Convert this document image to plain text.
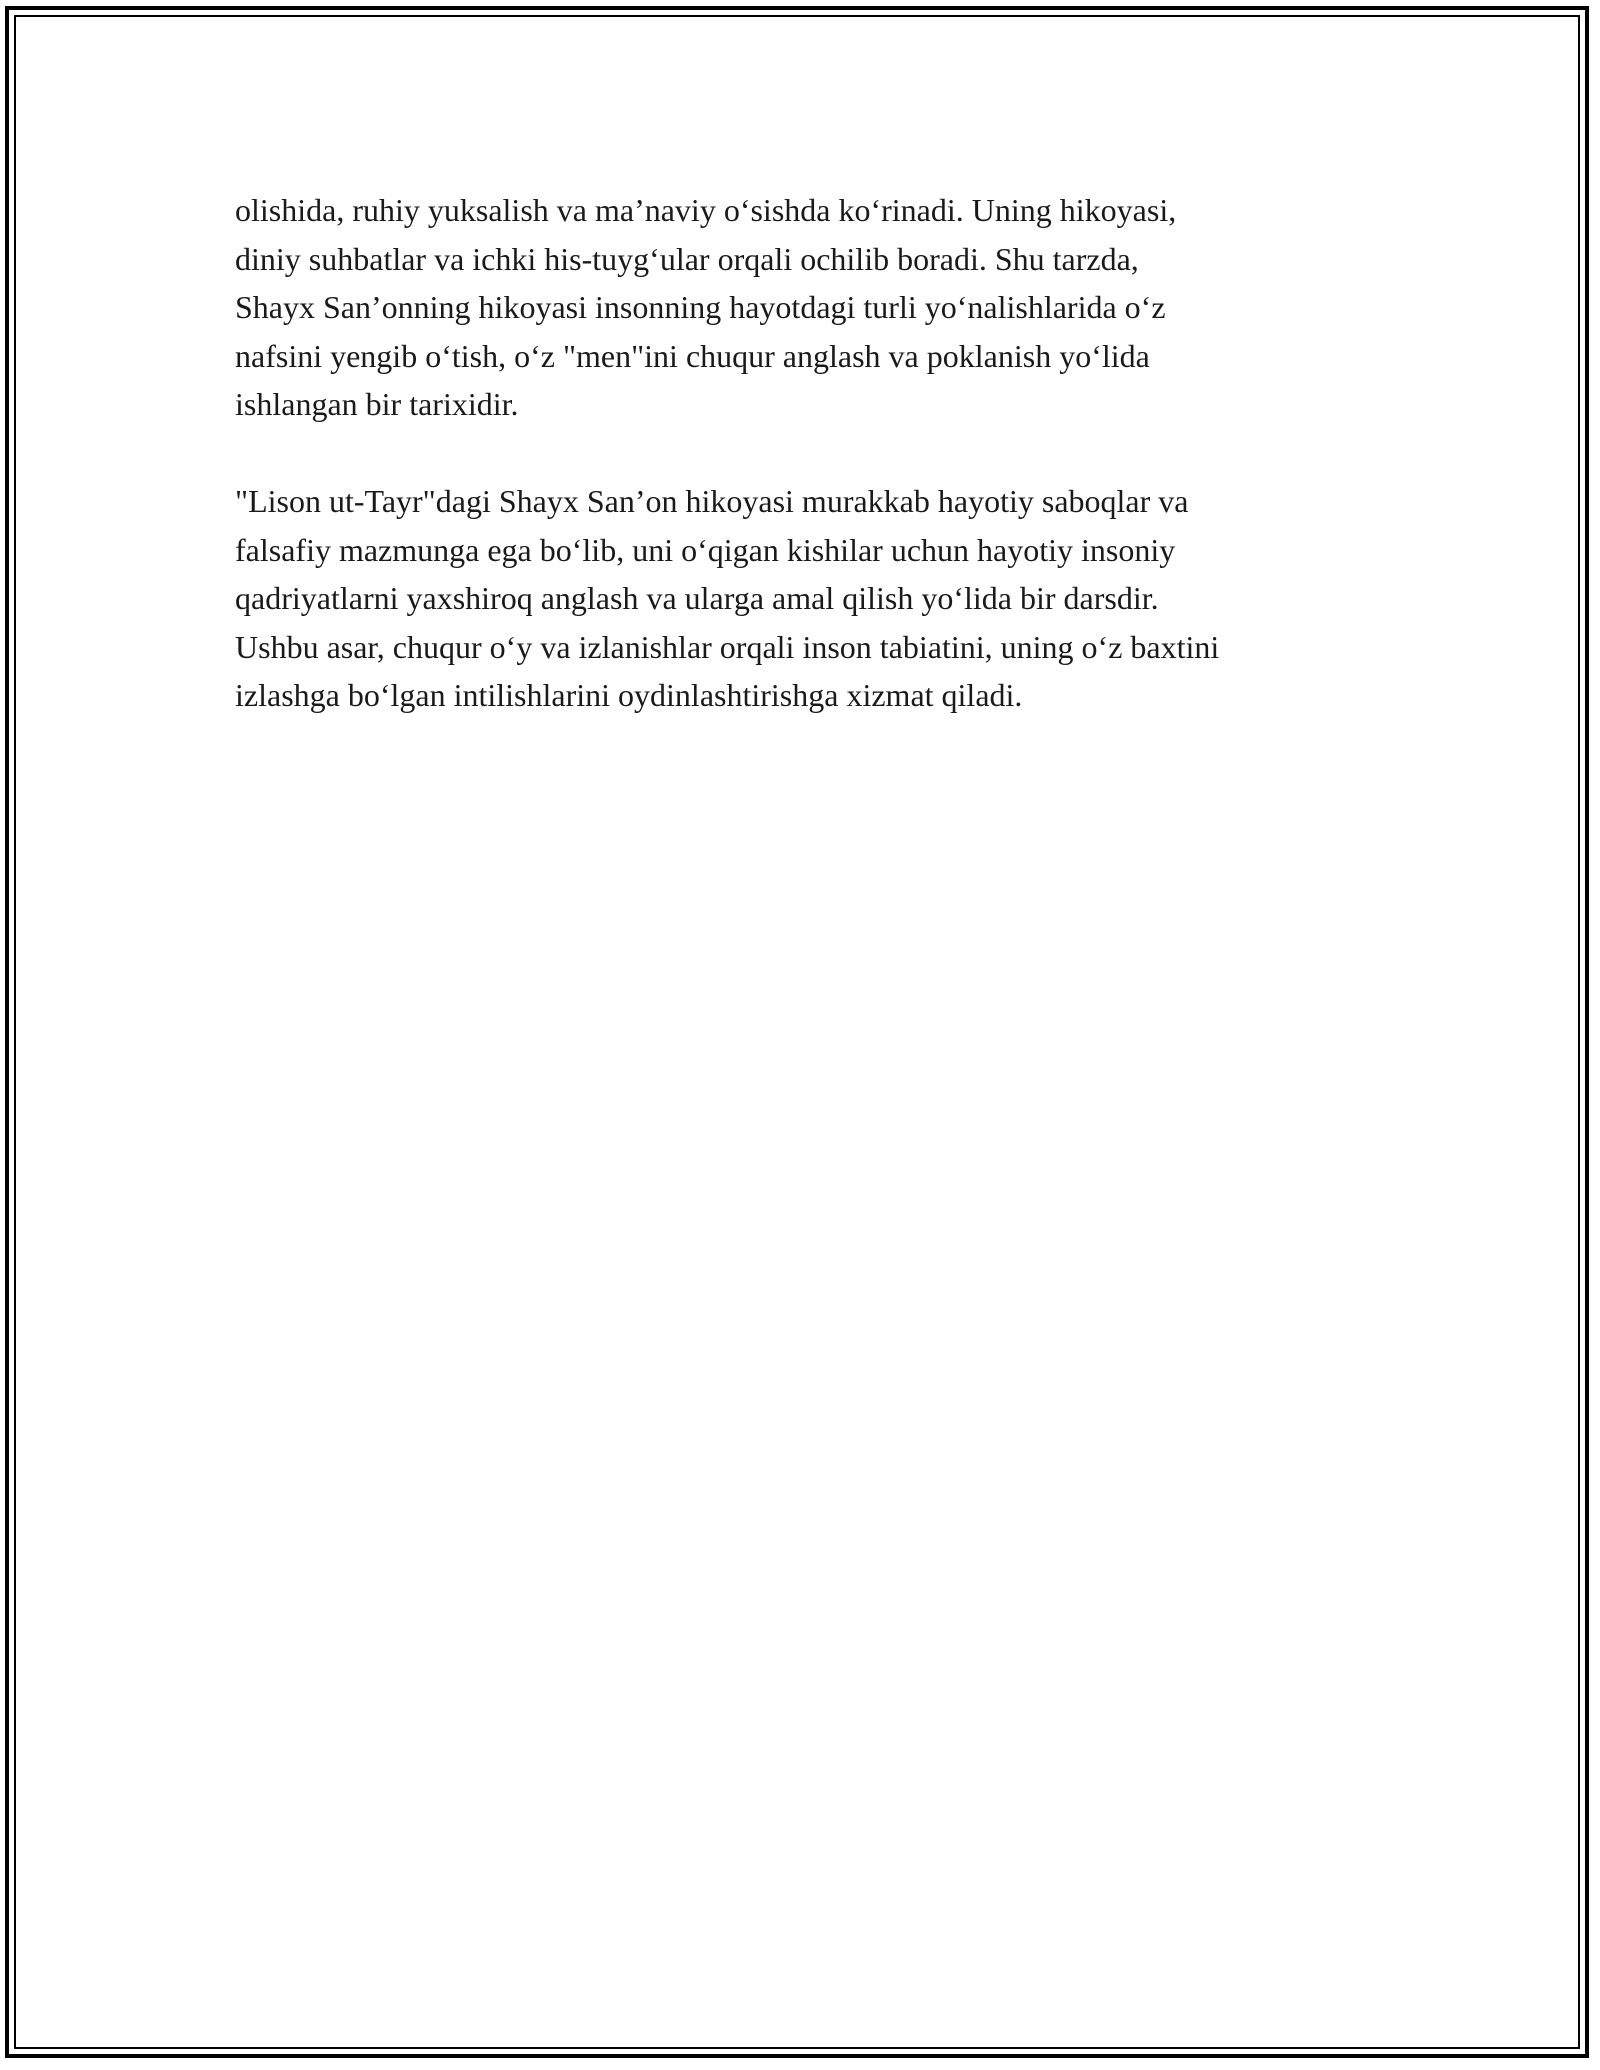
olishida, ruhiy yuksalish va ma’naviy o‘sishda ko‘rinadi. Uning hikoyasi,
diniy suhbatlar va ichki his-tuyg‘ular orqali ochilib boradi. Shu tarzda,
Shayx San’onning hikoyasi insonning hayotdagi turli yo‘nalishlarida o‘z
nafsini yengib o‘tish, o‘z "men"ini chuqur anglash va poklanish yo‘lida
ishlangan bir tarixidir.

"Lison ut-Tayr"dagi Shayx San’on hikoyasi murakkab hayotiy saboqlar va
falsafiy mazmunga ega bo‘lib, uni o‘qigan kishilar uchun hayotiy insoniy
qadriyatlarni yaxshiroq anglash va ularga amal qilish yo‘lida bir darsdir.
Ushbu asar, chuqur o‘y va izlanishlar orqali inson tabiatini, uning o‘z baxtini
izlashga bo‘lgan intilishlarini oydinlashtirishga xizmat qiladi.
